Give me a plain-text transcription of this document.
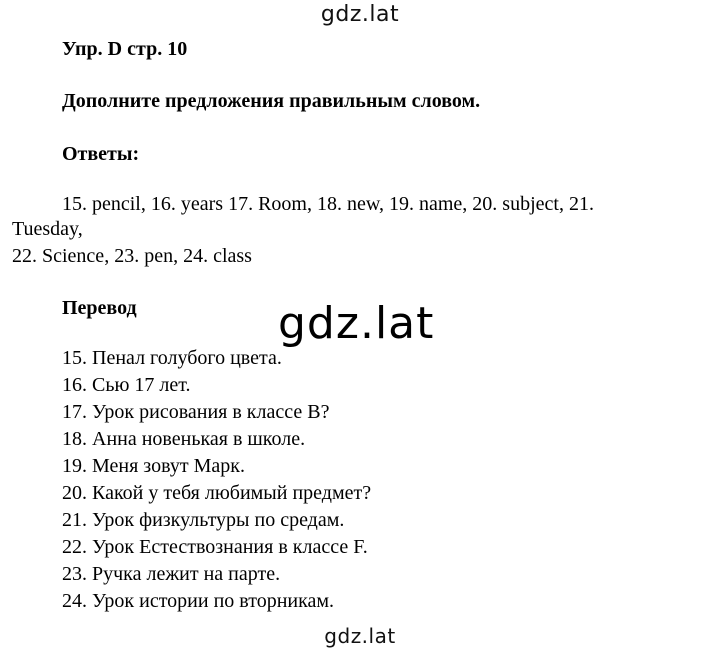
gdz.lat
Упр. D стр. 10
Дополните предложения правильным словом.
Ответы:
15. pencil, 16. years 17. Room, 18. new, 19. name, 20. subject, 21.
Tuesday,
22. Science, 23. pen, 24. class
Перевод	gdz.lat
15. Пенал голубого цвета.
16. Сью 17 лет.
17. Урок рисования в классе B?
18. Анна новенькая в школе.
19. Меня зовут Марк.
20. Какой у тебя любимый предмет?
21. Урок физкультуры по средам.
22. Урок Естествознания в классе F.
23. Ручка лежит на парте.
24. Урок истории по вторникам.
gdz.lat
